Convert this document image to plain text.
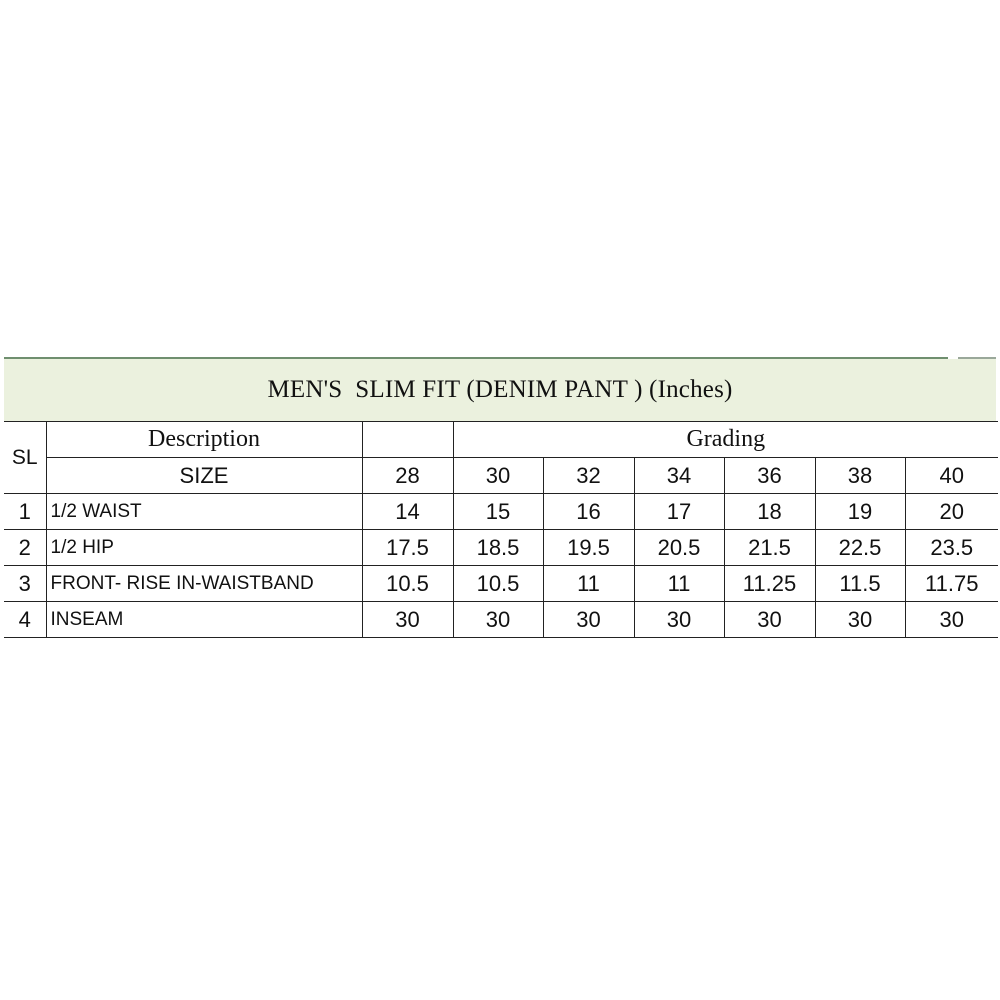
MEN'S  SLIM FIT (DENIM PANT ) (Inches)
SL	Description		Grading					
	SIZE	28	30	32	34	36	38	40
1	1/2 WAIST	14	15	16	17	18	19	20
2	1/2 HIP	17.5	18.5	19.5	20.5	21.5	22.5	23.5
3	FRONT- RISE IN-WAISTBAND	10.5	10.5	11	11	11.25	11.5	11.75
4	INSEAM	30	30	30	30	30	30	30
